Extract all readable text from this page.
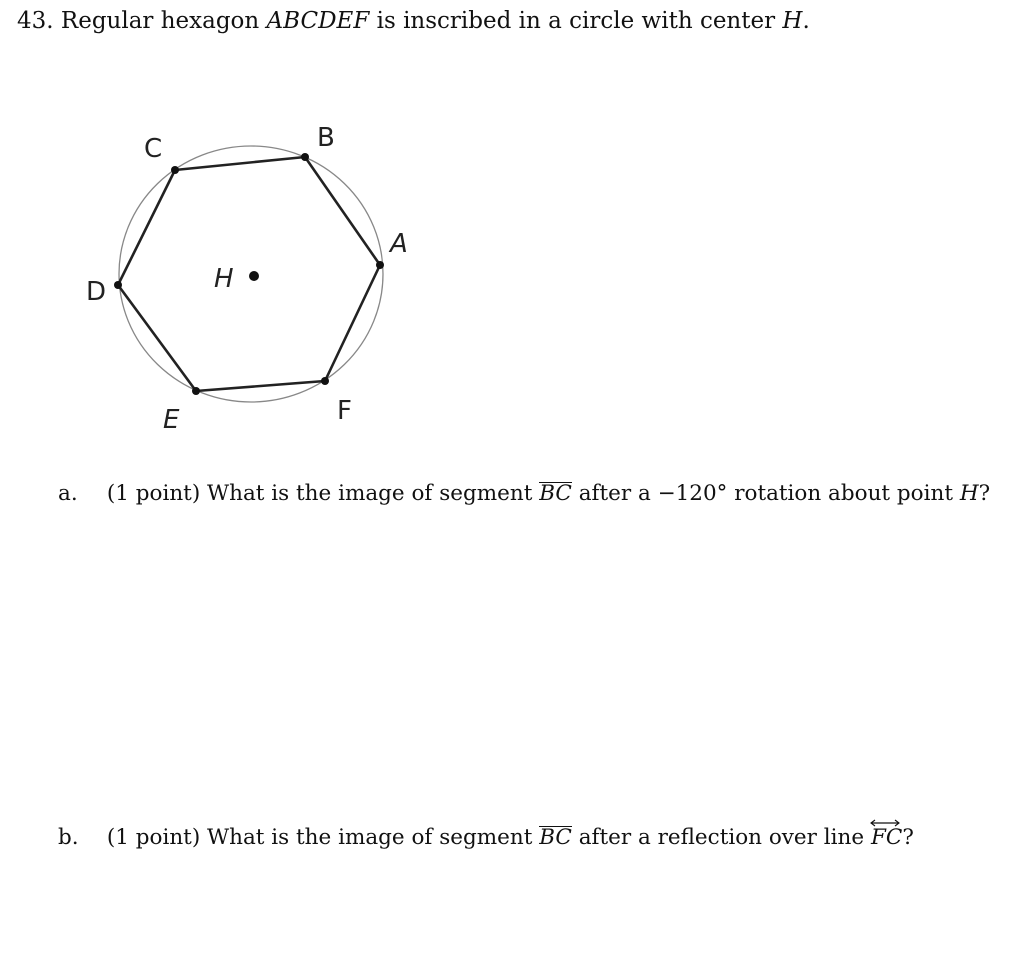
43. Regular hexagon ABCDEF is inscribed in a circle with center H.
A
B
C
D
E	F
H
a. (1 point) What is the image of segment BC after a −120° rotation about point H?
b. (1 point) What is the image of segment BC after a reflection over line FC?
